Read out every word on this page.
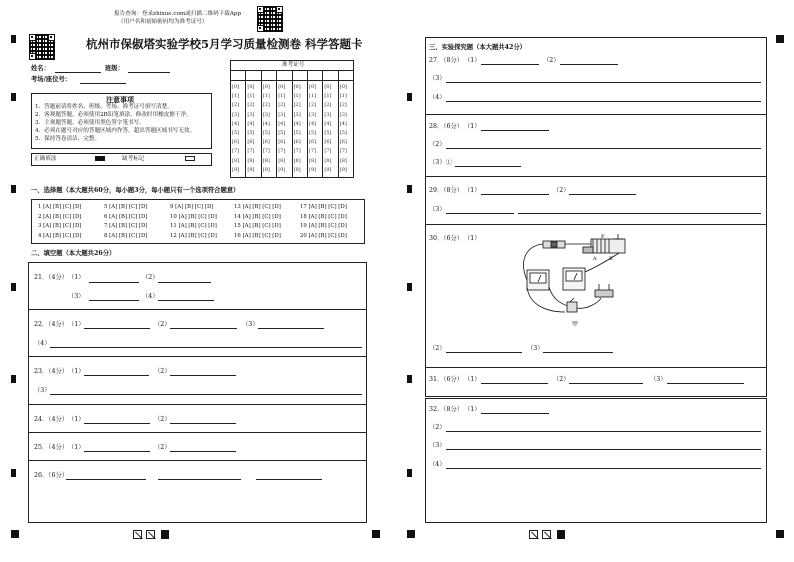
报告查询：登录zhixue.com或扫描二维码下载App
（用户名和初始密码均为准考证号）
杭州市保俶塔实验学校5月学习质量检测卷 科学答题卡
姓名：	班级：
考场/座位号：
准考证号
[0]
[1]
[2]
[3]
[4]
[5]
[6]
[7]
[8]
[9]
[0]
[1]
[2]
[3]
[4]
[5]
[6]
[7]
[8]
[9]
[0]
[1]
[2]
[3]
[4]
[5]
[6]
[7]
[8]
[9]
[0]
[1]
[2]
[3]
[4]
[5]
[6]
[7]
[8]
[9]
[0]
[1]
[2]
[3]
[4]
[5]
[6]
[7]
[8]
[9]
[0]
[1]
[2]
[3]
[4]
[5]
[6]
[7]
[8]
[9]
[0]
[1]
[2]
[3]
[4]
[5]
[6]
[7]
[8]
[9]
[0]
[1]
[2]
[3]
[4]
[5]
[6]
[7]
[8]
[9]
注意事项
1．答题前请将姓名、班级、考场、准考证号填写清楚。
2．客观题答题，必须使用2B铅笔填涂，修改时用橡皮擦干净。
3．主观题答题，必须使用黑色签字笔书写。
4．必须在题号对应的答题区域内作答，超出答题区域书写无效。
5．保持答卷清洁、完整。
正确填涂	缺考标记
一、选择题（本大题共60分，每小题3分，每小题只有一个选项符合题意）
1 [A] [B] [C] [D]	5 [A] [B] [C] [D]	9 [A] [B] [C] [D]	13 [A] [B] [C] [D]	17 [A] [B] [C] [D]
2 [A] [B] [C] [D]	6 [A] [B] [C] [D]	10 [A] [B] [C] [D]	14 [A] [B] [C] [D]	18 [A] [B] [C] [D]
3 [A] [B] [C] [D]	7 [A] [B] [C] [D]	11 [A] [B] [C] [D]	15 [A] [B] [C] [D]	19 [A] [B] [C] [D]
4 [A] [B] [C] [D]	8 [A] [B] [C] [D]	12 [A] [B] [C] [D]	16 [A] [B] [C] [D]	20 [A] [B] [C] [D]
二、填空题（本大题共26分）
21．（4分） （1）	（2）
（3）	（4）
22．（4分） （1）	（2）	（3）
（4）
23．（4分） （1）	（2）
（3）
24．（4分） （1）	（2）
25．（4分） （1）	（2）
26．（6分）
三、实验探究题（本大题共42分）
27．（8分） （1）	（2）
（3）
（4）
28．（6分） （1）
（2）
（3）①
29．（8分） （1）	（2）
（3）
30．（6分） （1）	P
A B
甲
（2）	（3）
31．（6分） （1）	（2）	（3）
32．（8分） （1）
（2）
（3）
（4）
